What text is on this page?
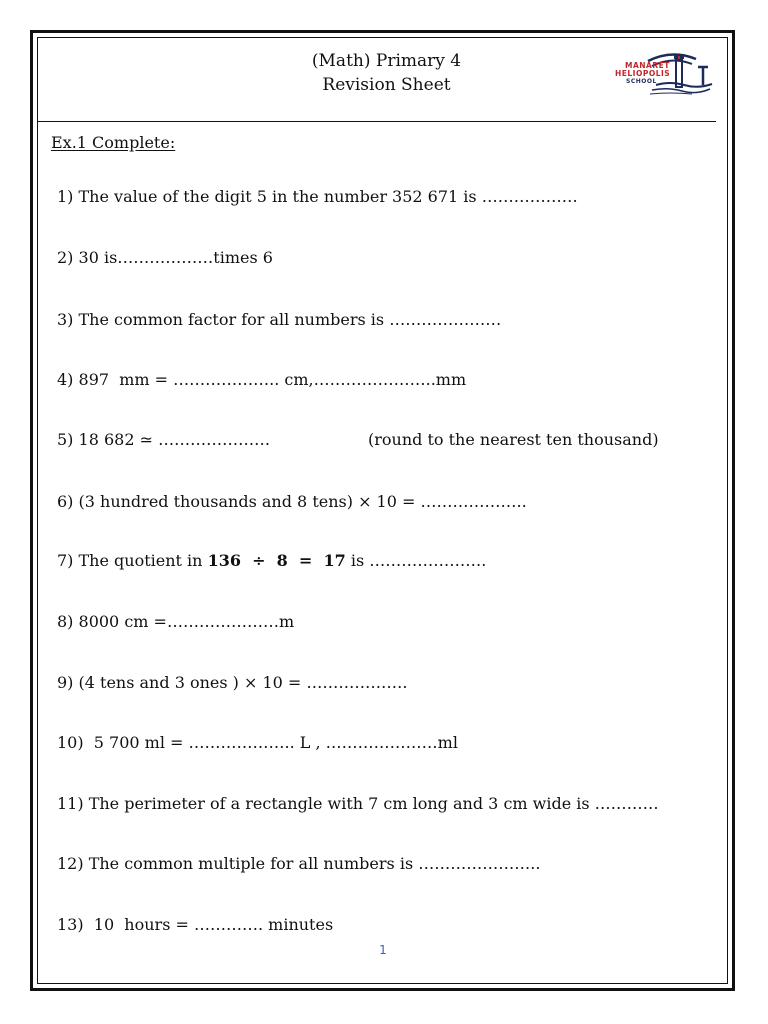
(Math) Primary 4
Revision Sheet
MANARET
HELIOPOLIS
SCHOOL
Ex.1 Complete:
1) The value of the digit 5 in the number 352 671 is ………………
2) 30 is………………times 6
3) The common factor for all numbers is …………………
4) 897  mm = ……………….. cm,…………………..mm
5) 18 682 ≃ …………………	(round to the nearest ten thousand)
6) (3 hundred thousands and 8 tens) × 10 = ………………..
7) The quotient in 136  ÷  8  =  17 is ………………….
8) 8000 cm =…………………m
9) (4 tens and 3 ones ) × 10 = ……………….
10)  5 700 ml = ……………….. L , …………………ml
11) The perimeter of a rectangle with 7 cm long and 3 cm wide is …………
12) The common multiple for all numbers is …………………..
13)  10  hours = …………. minutes
1
